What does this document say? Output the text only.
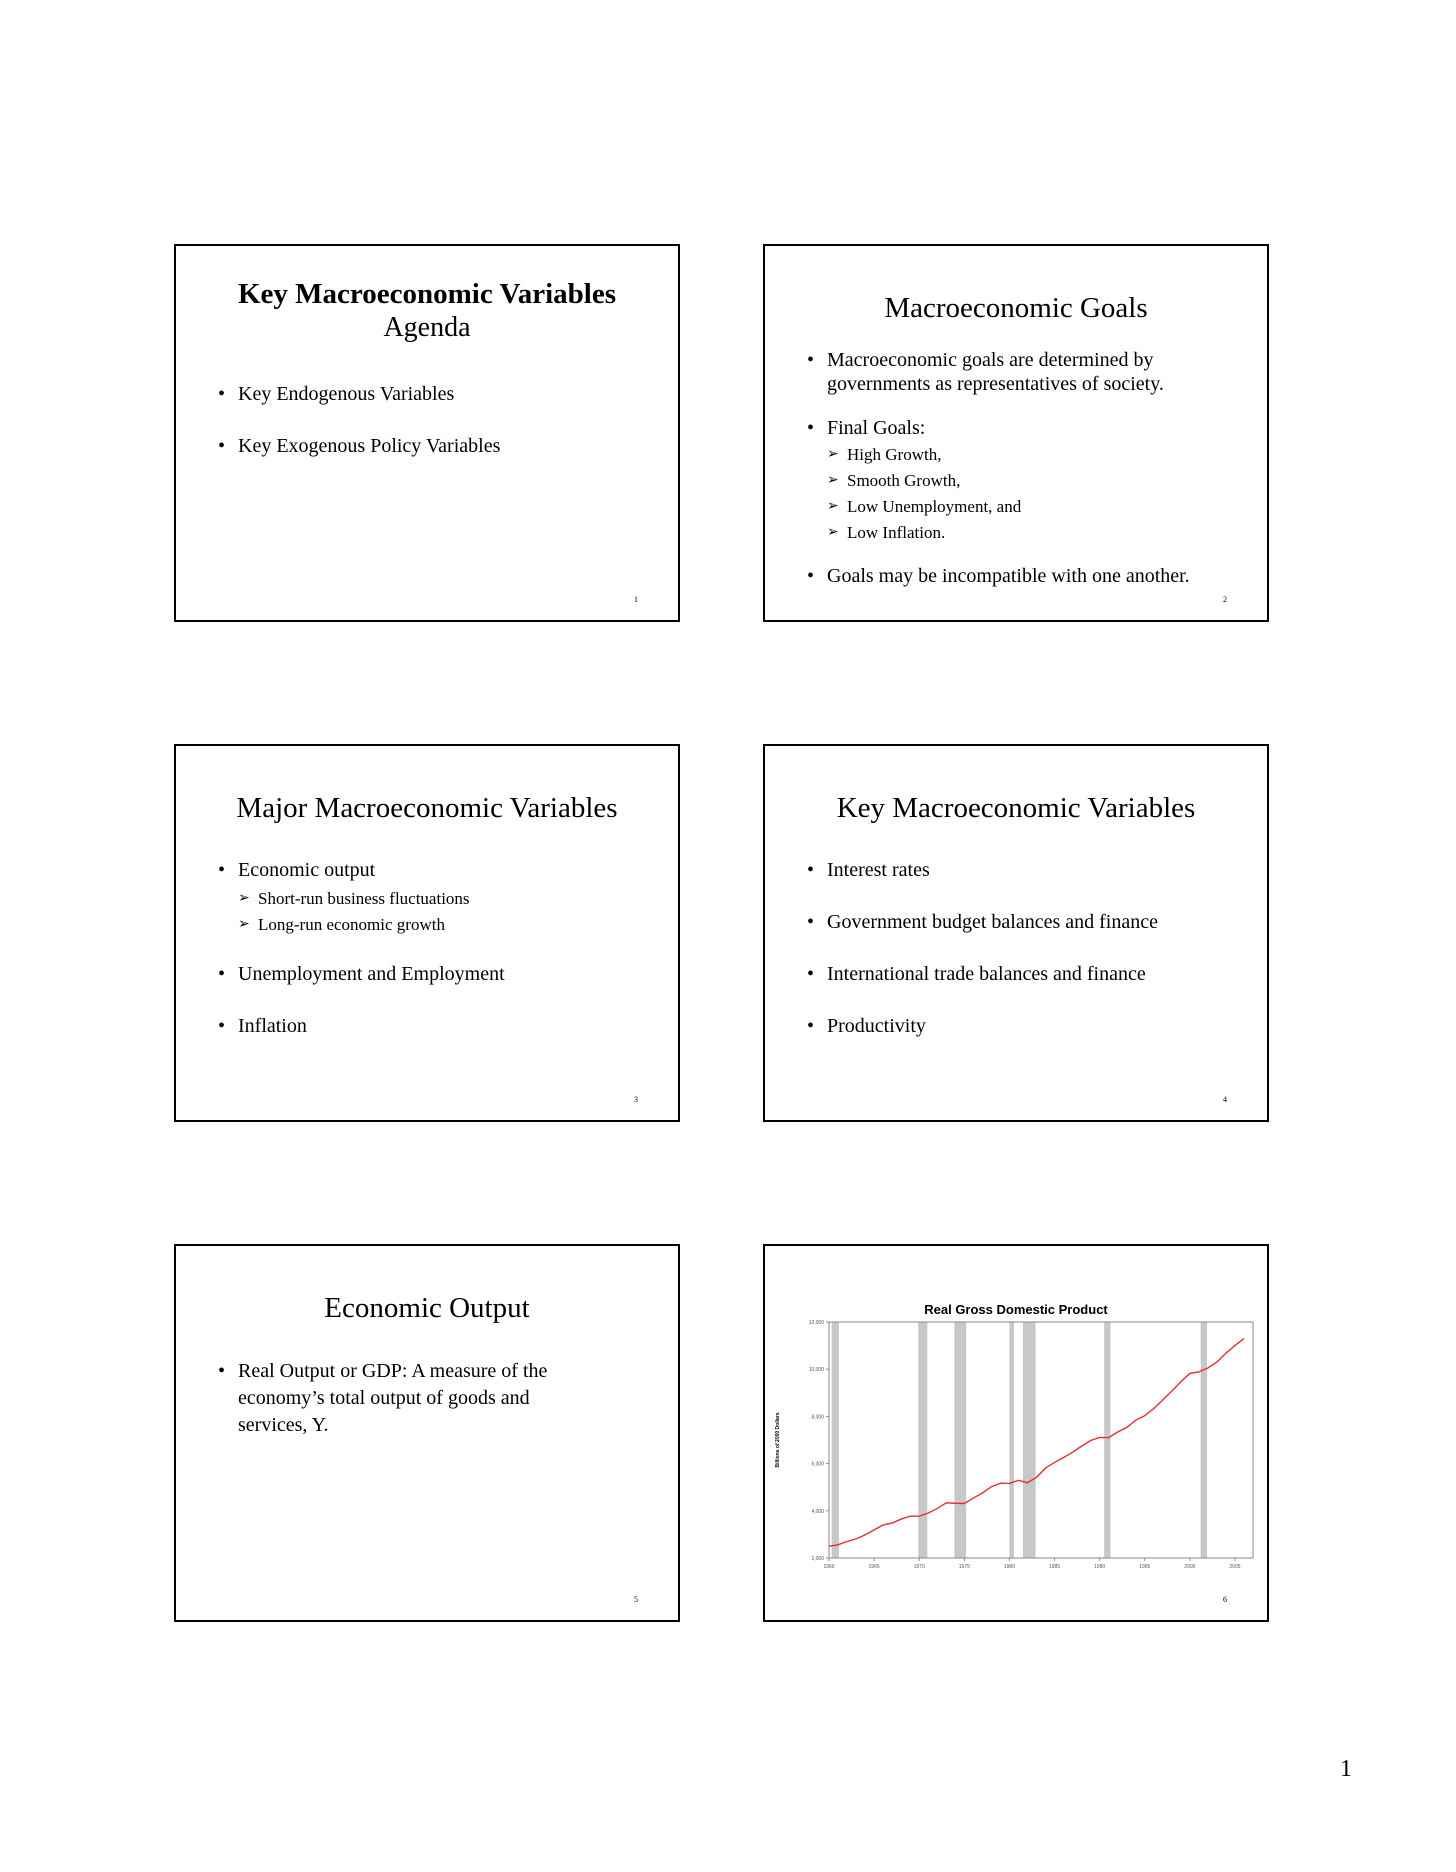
Key Macroeconomic Variables
Agenda
• Key Endogenous Variables
• Key Exogenous Policy Variables
1
Macroeconomic Goals
• Macroeconomic goals are determined by governments as representatives of society.
• Final Goals:
➢ High Growth,
➢ Smooth Growth,
➢ Low Unemployment, and
➢ Low Inflation.
• Goals may be incompatible with one another.
2
Major Macroeconomic Variables
• Economic output
➢ Short-run business fluctuations
➢ Long-run economic growth
• Unemployment and Employment
• Inflation
3
Key Macroeconomic Variables
• Interest rates
• Government budget balances and finance
• International trade balances and finance
• Productivity
4
Economic Output
• Real Output or GDP: A measure of the economy’s total output of goods and services, Y.
5
Real Gross Domestic Product
2,000
4,000
6,000
8,000
10,000
12,000
1960	1965	1970	1975	1980	1985	1990	1995	2000	2005
Billions of 2000 Dollars
6
1
